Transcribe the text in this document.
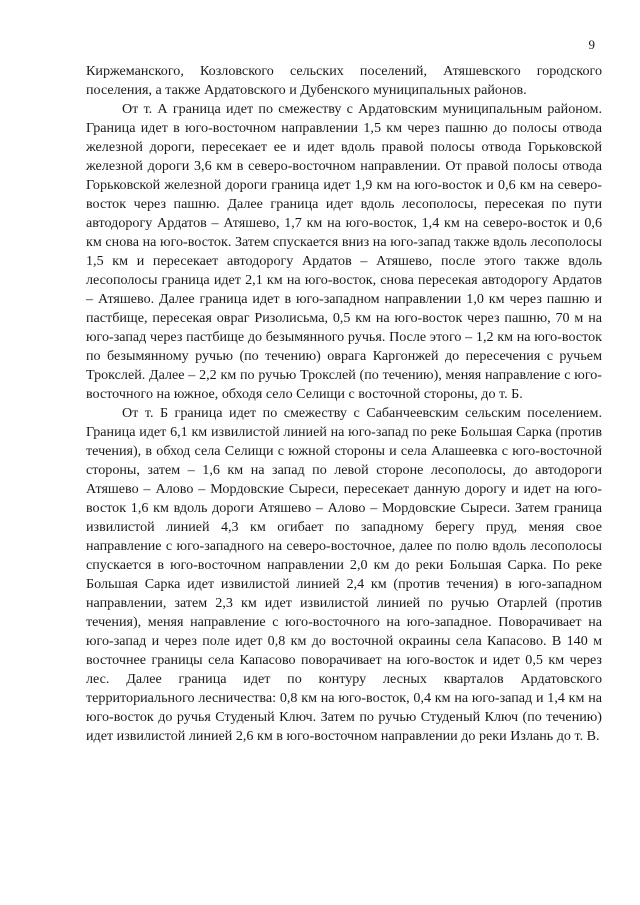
9

Киржеманского, Козловского сельских поселений, Атяшевского городского поселения, а также Ардатовского и Дубенского муниципальных районов.

От т. А граница идет по смежеству с Ардатовским муниципальным районом. Граница идет в юго-восточном направлении 1,5 км через пашню до полосы отвода железной дороги, пересекает ее и идет вдоль правой полосы отвода Горьковской железной дороги 3,6 км в северо-восточном направлении. От правой полосы отвода Горьковской железной дороги граница идет 1,9 км на юго-восток и 0,6 км на северо-восток через пашню. Далее граница идет вдоль лесополосы, пересекая по пути автодорогу Ардатов – Атяшево, 1,7 км на юго-восток, 1,4 км на северо-восток и 0,6 км снова на юго-восток. Затем спускается вниз на юго-запад также вдоль лесополосы 1,5 км и пересекает автодорогу Ардатов – Атяшево, после этого также вдоль лесополосы граница идет 2,1 км на юго-восток, снова пересекая автодорогу Ардатов – Атяшево. Далее граница идет в юго-западном направлении 1,0 км через пашню и пастбище, пересекая овраг Ризолисьма, 0,5 км на юго-восток через пашню, 70 м на юго-запад через пастбище до безымянного ручья. После этого – 1,2 км на юго-восток по безымянному ручью (по течению) оврага Каргонжей до пересечения с ручьем Трокслей. Далее – 2,2 км по ручью Трокслей (по течению), меняя направление с юго-восточного на южное, обходя село Селищи с восточной стороны, до т. Б.

От т. Б граница идет по смежеству с Сабанчеевским сельским поселением. Граница идет 6,1 км извилистой линией на юго-запад по реке Большая Сарка (против течения), в обход села Селищи с южной стороны и села Алашеевка с юго-восточной стороны, затем – 1,6 км на запад по левой стороне лесополосы, до автодороги Атяшево – Алово – Мордовские Сыреси, пересекает данную дорогу и идет на юго-восток 1,6 км вдоль дороги Атяшево – Алово – Мордовские Сыреси. Затем граница извилистой линией 4,3 км огибает по западному берегу пруд, меняя свое направление с юго-западного на северо-восточное, далее по полю вдоль лесополосы спускается в юго-восточном направлении 2,0 км до реки Большая Сарка. По реке Большая Сарка идет извилистой линией 2,4 км (против течения) в юго-западном направлении, затем 2,3 км идет извилистой линией по ручью Отарлей (против течения), меняя направление с юго-восточного на юго-западное. Поворачивает на юго-запад и через поле идет 0,8 км до восточной окраины села Капасово. В 140 м восточнее границы села Капасово поворачивает на юго-восток и идет 0,5 км через лес. Далее граница идет по контуру лесных кварталов Ардатовского территориального лесничества: 0,8 км на юго-восток, 0,4 км на юго-запад и 1,4 км на юго-восток до ручья Студеный Ключ. Затем по ручью Студеный Ключ (по течению) идет извилистой линией 2,6 км в юго-восточном направлении до реки Излань до т. В.
